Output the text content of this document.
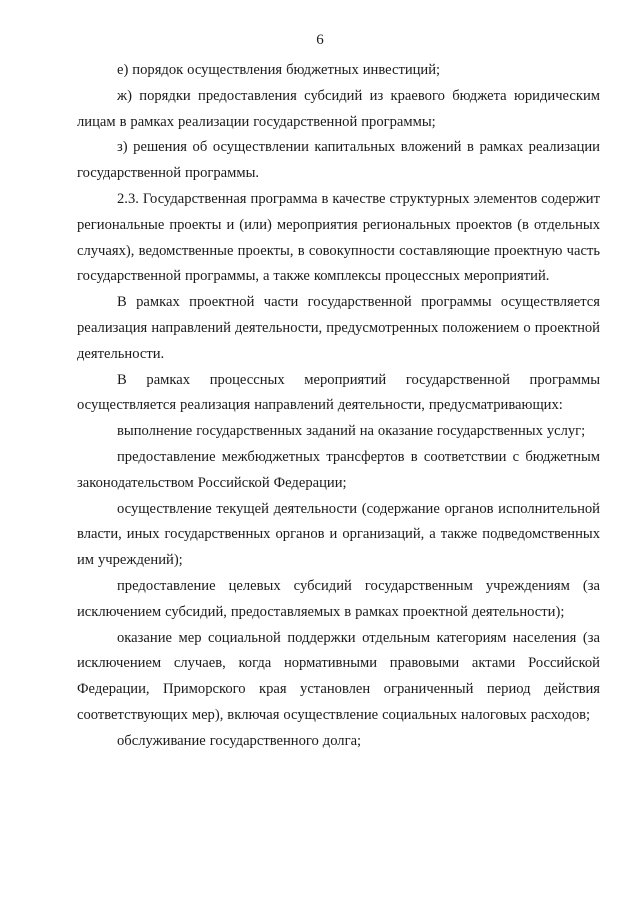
6

е) порядок осуществления бюджетных инвестиций;

ж) порядки предоставления субсидий из краевого бюджета юридическим лицам в рамках реализации государственной программы;

з) решения об осуществлении капитальных вложений в рамках реализации государственной программы.

2.3. Государственная программа в качестве структурных элементов содержит региональные проекты и (или) мероприятия региональных проектов (в отдельных случаях), ведомственные проекты, в совокупности составляющие проектную часть государственной программы, а также комплексы процессных мероприятий.

В рамках проектной части государственной программы осуществляется реализация направлений деятельности, предусмотренных положением о проектной деятельности.

В рамках процессных мероприятий государственной программы осуществляется реализация направлений деятельности, предусматривающих:

выполнение государственных заданий на оказание государственных услуг;

предоставление межбюджетных трансфертов в соответствии с бюджетным законодательством Российской Федерации;

осуществление текущей деятельности (содержание органов исполнительной власти, иных государственных органов и организаций, а также подведомственных им учреждений);

предоставление целевых субсидий государственным учреждениям (за исключением субсидий, предоставляемых в рамках проектной деятельности);

оказание мер социальной поддержки отдельным категориям населения (за исключением случаев, когда нормативными правовыми актами Российской Федерации, Приморского края установлен ограниченный период действия соответствующих мер), включая осуществление социальных налоговых расходов;

обслуживание государственного долга;
